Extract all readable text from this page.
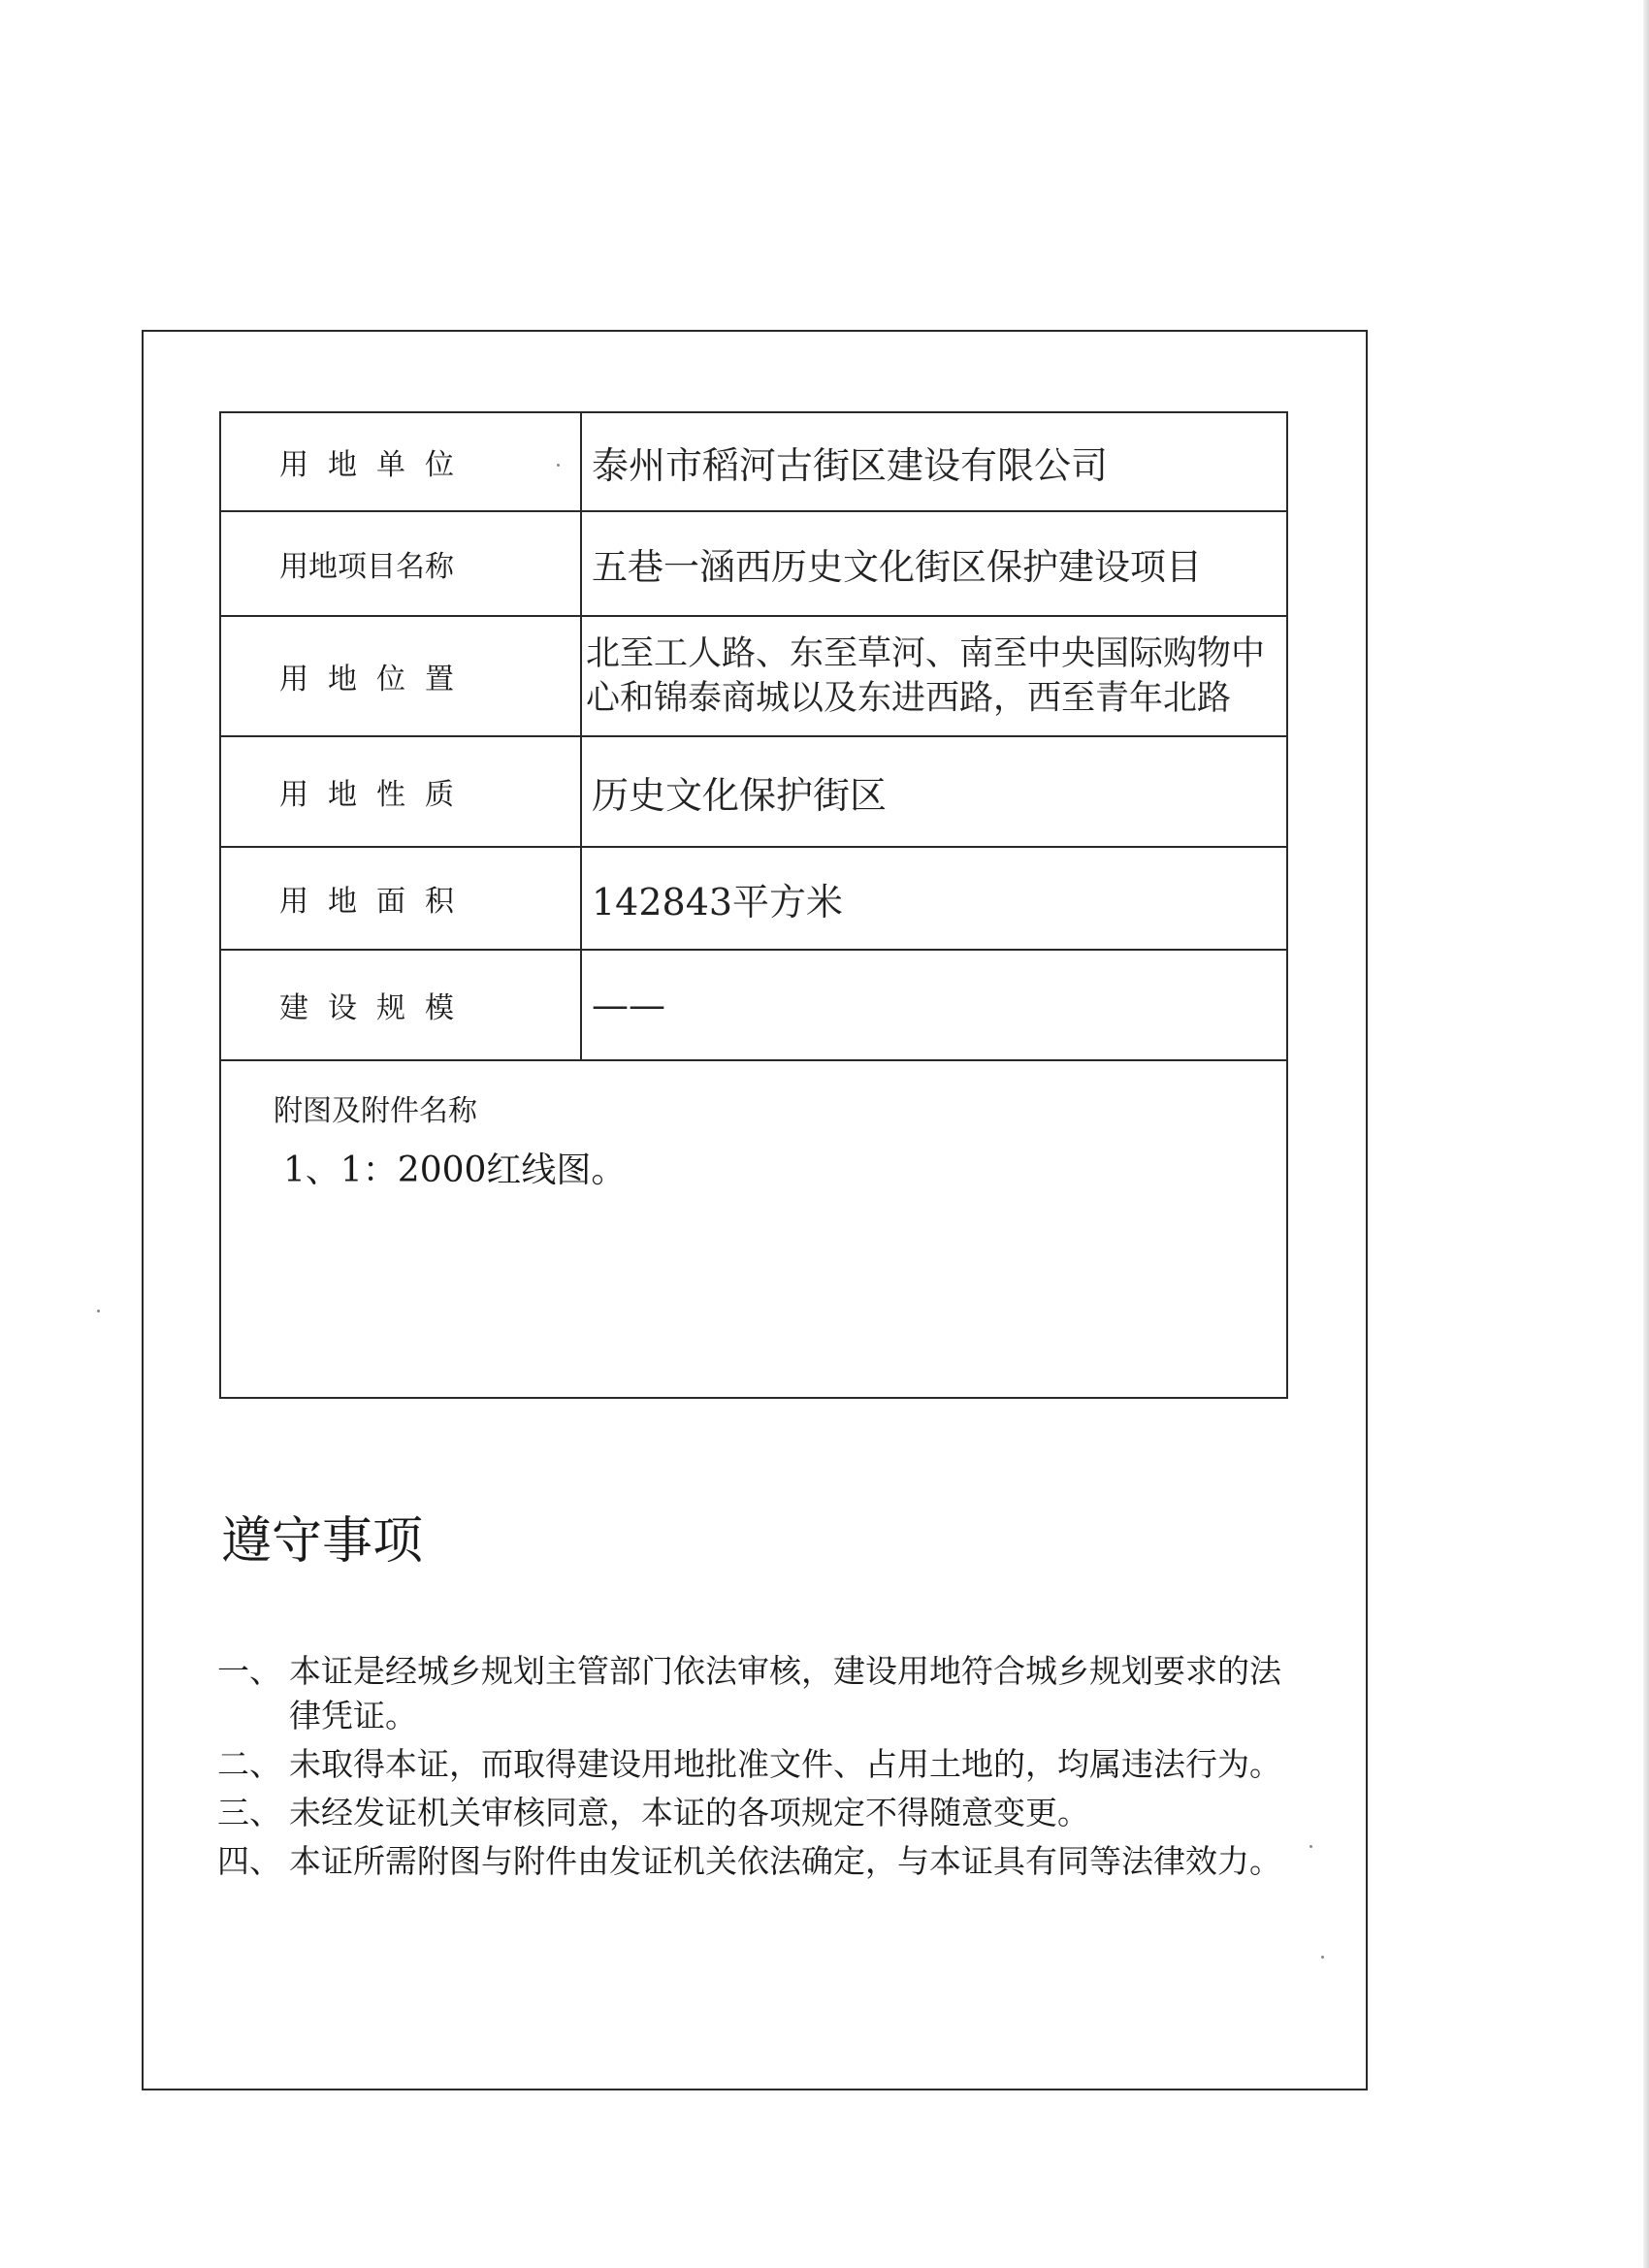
用地单位	泰州市稻河古街区建设有限公司
用地项目名称	五巷一涵西历史文化街区保护建设项目
用地位置	北至工人路、东至草河、南至中央国际购物中心和锦泰商城以及东进西路，西至青年北路
用地性质	历史文化保护街区
用地面积	142843平方米
建设规模	——

附图及附件名称
1、1：2000红线图。
遵守事项
一、 本证是经城乡规划主管部门依法审核，建设用地符合城乡规划要求的法律凭证。
二、 未取得本证，而取得建设用地批准文件、占用土地的，均属违法行为。
三、 未经发证机关审核同意，本证的各项规定不得随意变更。
四、 本证所需附图与附件由发证机关依法确定，与本证具有同等法律效力。
